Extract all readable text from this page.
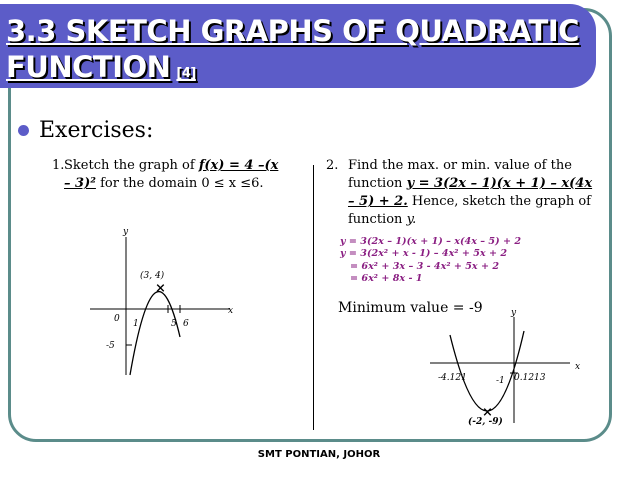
3.3 SKETCH GRAPHS OF QUADRATIC
FUNCTION [4]
Exercises:
1. Sketch the graph of f(x) = 4 –(x
– 3)² for the domain 0 ≤ x ≤6.
2. Find the max. or min. value of the
function y = 3(2x – 1)(x + 1) – x(4x
– 5) + 2. Hence, sketch the graph of
function y.
y
x
×
(3, 4)
0 1	5 6
-5
y = 3(2x – 1)(x + 1) – x(4x – 5) + 2
y = 3(2x² + x - 1) – 4x² + 5x + 2
= 6x² + 3x – 3 - 4x² + 5x + 2
= 6x² + 8x - 1
Minimum value = -9	y
x
×
-4.121	0.1213
-1
(-2, -9)
SMT PONTIAN, JOHOR
